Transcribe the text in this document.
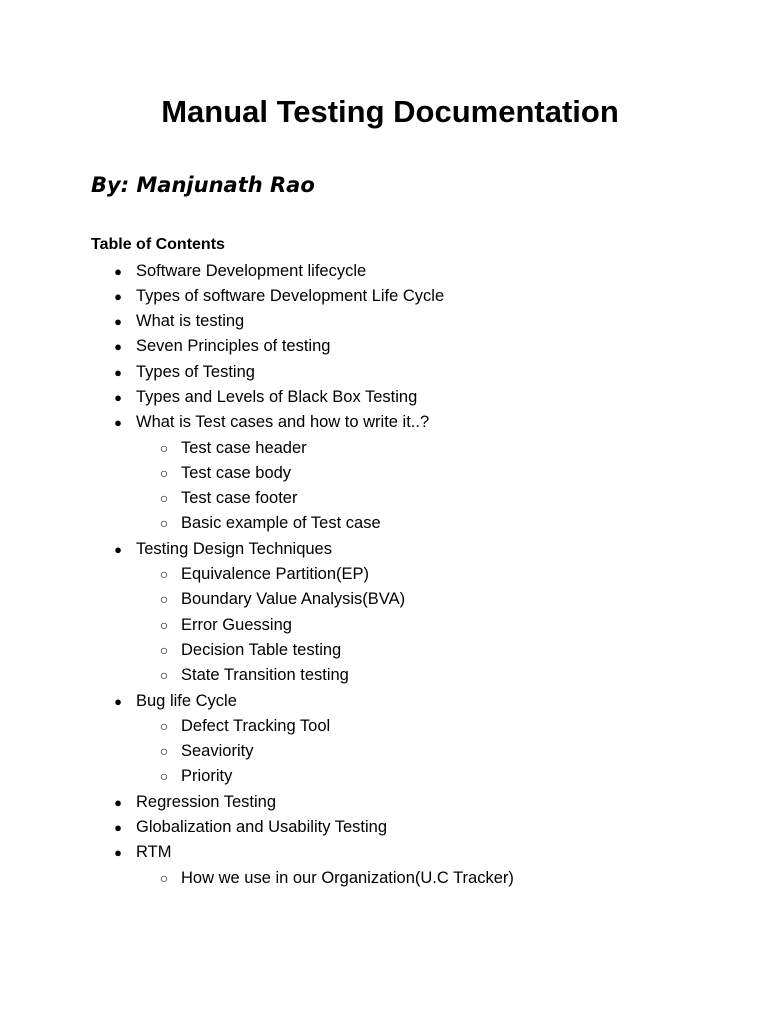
Manual Testing Documentation

By: Manjunath Rao

Table of Contents

● Software Development lifecycle
● Types of software Development Life Cycle
● What is testing
● Seven Principles of testing
● Types of Testing
● Types and Levels of Black Box Testing
● What is Test cases and how to write it..?
○ Test case header
○ Test case body
○ Test case footer
○ Basic example of Test case
● Testing Design Techniques
○ Equivalence Partition(EP)
○ Boundary Value Analysis(BVA)
○ Error Guessing
○ Decision Table testing
○ State Transition testing
● Bug life Cycle
○ Defect Tracking Tool
○ Seaviority
○ Priority
● Regression Testing
● Globalization and Usability Testing
● RTM
○ How we use in our Organization(U.C Tracker)
